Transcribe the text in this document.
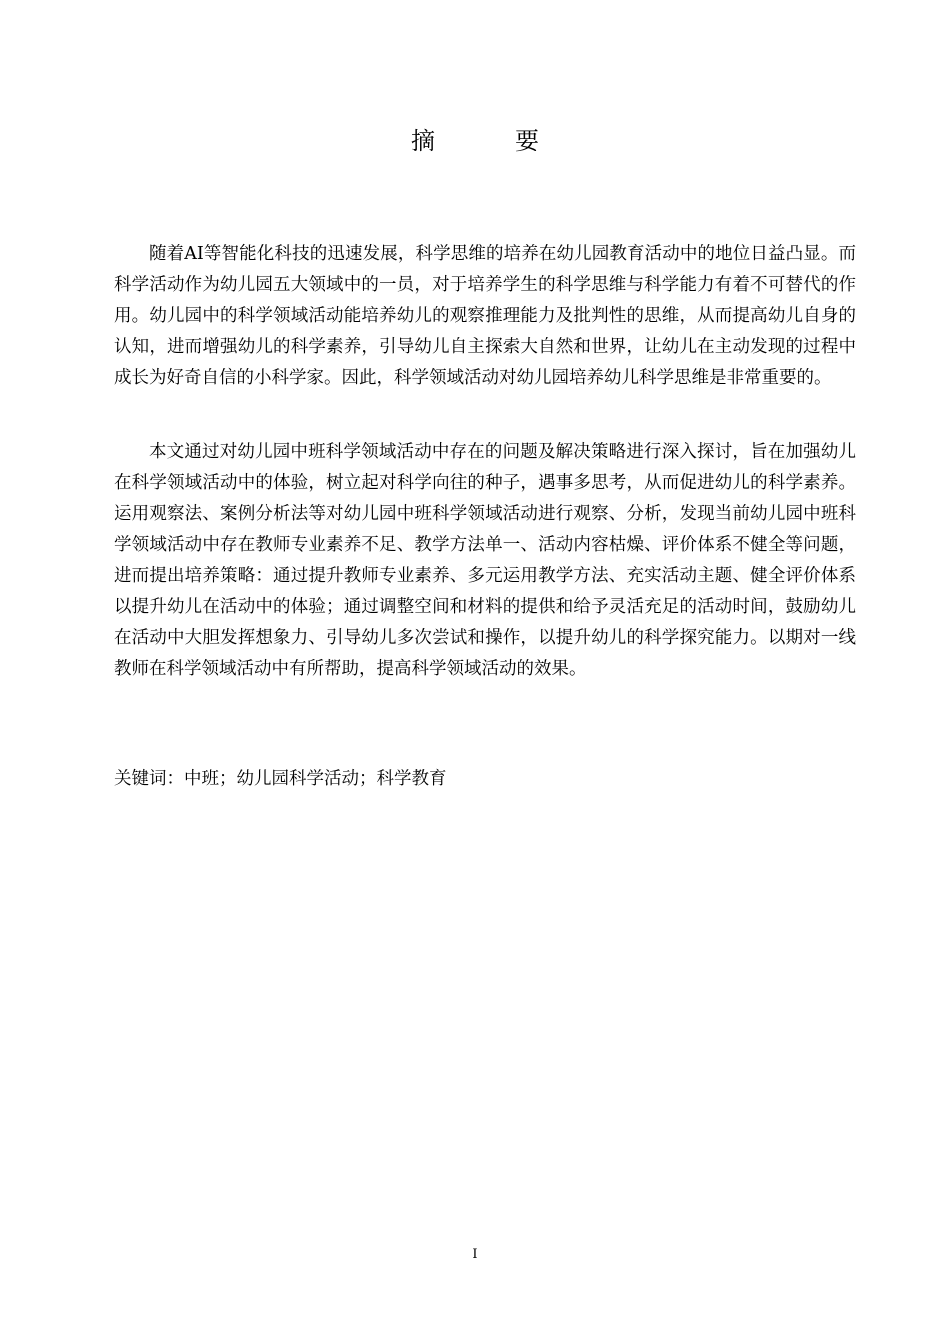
摘　要

随着AI等智能化科技的迅速发展，科学思维的培养在幼儿园教育活动中的地位日益凸显。而科学活动作为幼儿园五大领域中的一员，对于培养学生的科学思维与科学能力有着不可替代的作用。幼儿园中的科学领域活动能培养幼儿的观察推理能力及批判性的思维，从而提高幼儿自身的认知，进而增强幼儿的科学素养，引导幼儿自主探索大自然和世界，让幼儿在主动发现的过程中成长为好奇自信的小科学家。因此，科学领域活动对幼儿园培养幼儿科学思维是非常重要的。

本文通过对幼儿园中班科学领域活动中存在的问题及解决策略进行深入探讨，旨在加强幼儿在科学领域活动中的体验，树立起对科学向往的种子，遇事多思考，从而促进幼儿的科学素养。运用观察法、案例分析法等对幼儿园中班科学领域活动进行观察、分析，发现当前幼儿园中班科学领域活动中存在教师专业素养不足、教学方法单一、活动内容枯燥、评价体系不健全等问题，进而提出培养策略：通过提升教师专业素养、多元运用教学方法、充实活动主题、健全评价体系以提升幼儿在活动中的体验；通过调整空间和材料的提供和给予灵活充足的活动时间，鼓励幼儿在活动中大胆发挥想象力、引导幼儿多次尝试和操作，以提升幼儿的科学探究能力。以期对一线教师在科学领域活动中有所帮助，提高科学领域活动的效果。

关键词：中班；幼儿园科学活动；科学教育
I
